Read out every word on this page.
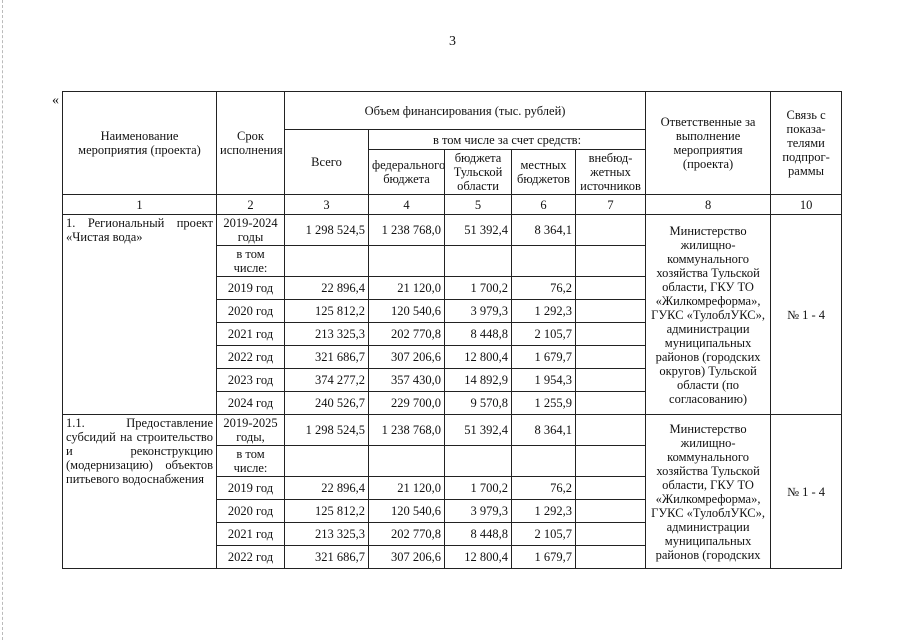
3
«
Наименование мероприятия (проекта)	Срок исполнения	Объем финансирования (тыс. рублей)					Ответственные за выполнение мероприятия (проекта)	Связь с показа-телями подпрог-раммы
		Всего	в том числе за счет средств:					
			федерального бюджета	бюджета Тульской области	местных бюджетов	внебюд-жетных источников		
1	2	3	4	5	6	7	8	10
1. Региональный проект «Чистая вода»	2019-2024 годы	1 298 524,5	1 238 768,0	51 392,4	8 364,1		Министерство жилищно-коммунального хозяйства Тульской области, ГКУ ТО «Жилкомреформа», ГУКС «ТулоблУКС», администрации муниципальных районов (городских округов) Тульской области (по согласованию)	№ 1 - 4
	в том числе:							
	2019 год	22 896,4	21 120,0	1 700,2	76,2			
	2020 год	125 812,2	120 540,6	3 979,3	1 292,3			
	2021 год	213 325,3	202 770,8	8 448,8	2 105,7			
	2022 год	321 686,7	307 206,6	12 800,4	1 679,7			
	2023 год	374 277,2	357 430,0	14 892,9	1 954,3			
	2024 год	240 526,7	229 700,0	9 570,8	1 255,9			
1.1. Предоставление субсидий на строительство и реконструкцию (модернизацию) объектов питьевого водоснабжения	2019-2025 годы,	1 298 524,5	1 238 768,0	51 392,4	8 364,1		Министерство жилищно-коммунального хозяйства Тульской области, ГКУ ТО «Жилкомреформа», ГУКС «ТулоблУКС», администрации муниципальных районов (городских	№ 1 - 4
	в том числе:							
	2019 год	22 896,4	21 120,0	1 700,2	76,2			
	2020 год	125 812,2	120 540,6	3 979,3	1 292,3			
	2021 год	213 325,3	202 770,8	8 448,8	2 105,7			
	2022 год	321 686,7	307 206,6	12 800,4	1 679,7			
